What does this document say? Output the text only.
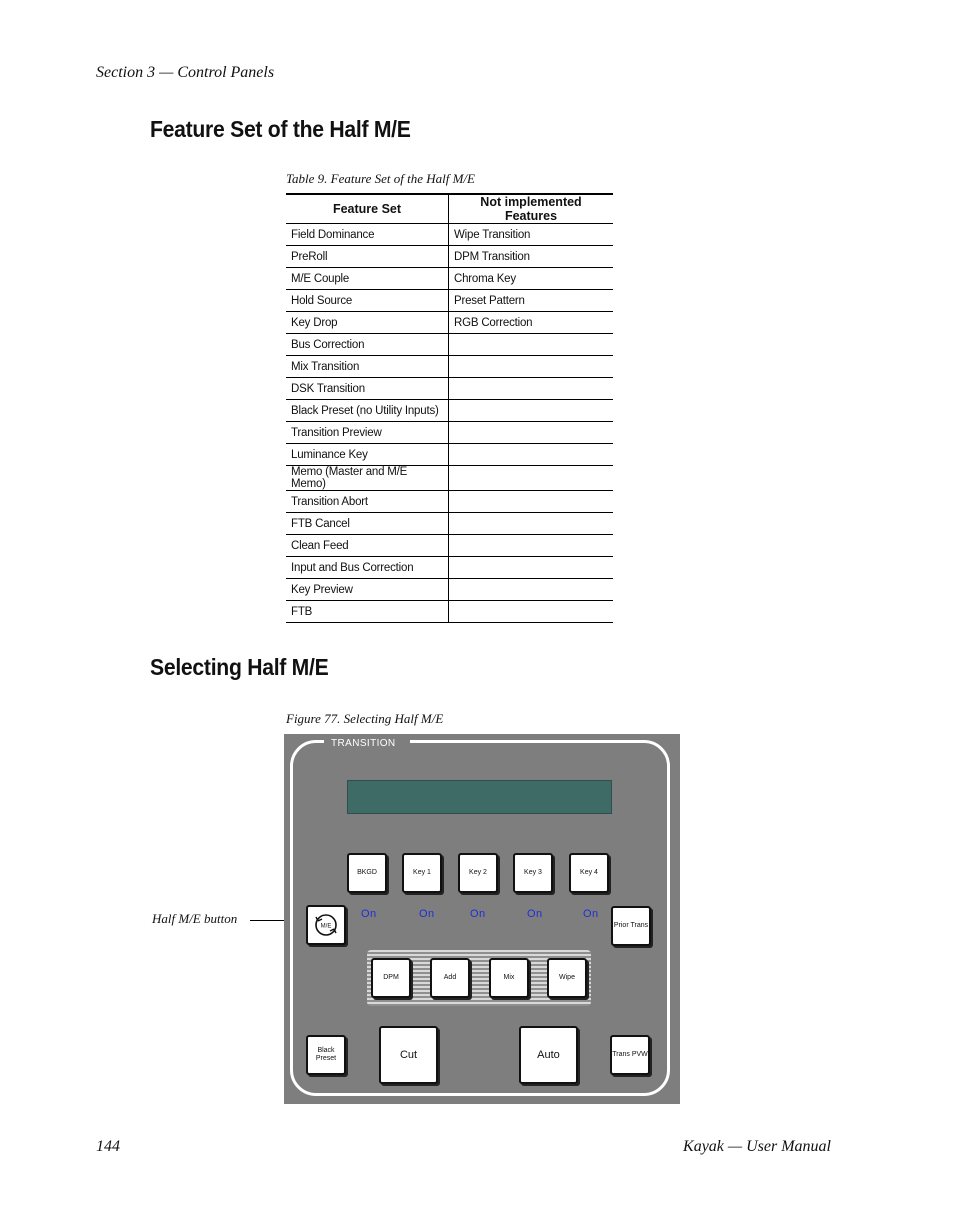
Section 3 — Control Panels
Feature Set of the Half M/E
Table 9. Feature Set of the Half M/E
Feature Set	Not implemented Features
Field Dominance	Wipe Transition
PreRoll	DPM Transition
M/E Couple	Chroma Key
Hold Source	Preset Pattern
Key Drop	RGB Correction
Bus Correction	
Mix Transition	
DSK Transition	
Black Preset (no Utility Inputs)	
Transition Preview	
Luminance Key	
Memo (Master and M/E Memo)	
Transition Abort	
FTB Cancel	
Clean Feed	
Input and Bus Correction	
Key Preview	
FTB	
Selecting Half M/E
Figure 77. Selecting Half M/E
Half M/E button
TRANSITION
BKGD	Key 1	Key 2	Key 3	Key 4
On	On	On	On	On
M/E	Prior Trans
DPM	Add	Mix	Wipe
Black Preset	Cut	Auto	Trans PVW
144	Kayak — User Manual
